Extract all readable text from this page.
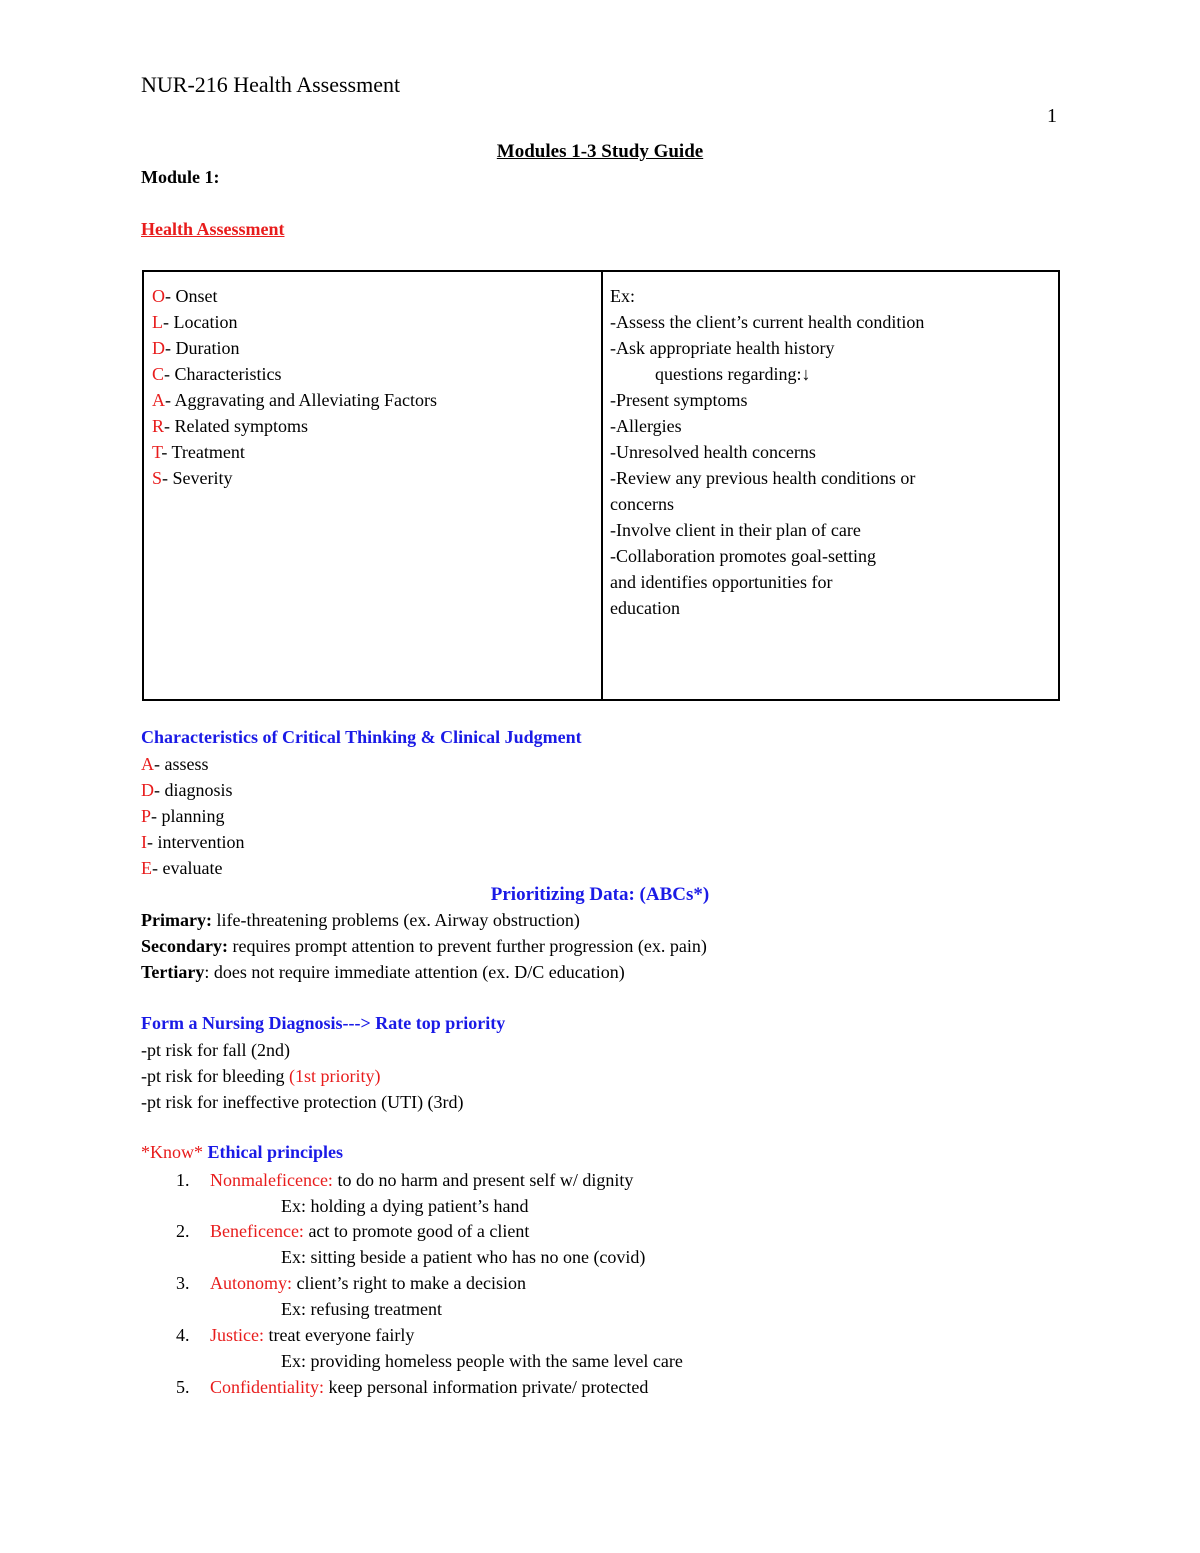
NUR-216 Health Assessment
1
Modules 1-3 Study Guide
Module 1:
Health Assessment
O- Onset
L- Location
D- Duration
C- Characteristics
A- Aggravating and Alleviating Factors
R- Related symptoms
T- Treatment
S- Severity
Ex:
-Assess the client’s current health condition
-Ask appropriate health history
questions regarding:↓
-Present symptoms
-Allergies
-Unresolved health concerns
-Review any previous health conditions or
concerns
-Involve client in their plan of care
-Collaboration promotes goal-setting
and identifies opportunities for
education
Characteristics of Critical Thinking & Clinical Judgment
A- assess
D- diagnosis
P- planning
I- intervention
E- evaluate
Prioritizing Data: (ABCs*)
Primary: life-threatening problems (ex. Airway obstruction)
Secondary: requires prompt attention to prevent further progression (ex. pain)
Tertiary: does not require immediate attention (ex. D/C education)
Form a Nursing Diagnosis---> Rate top priority
-pt risk for fall (2nd)
-pt risk for bleeding (1st priority)
-pt risk for ineffective protection (UTI) (3rd)
*Know* Ethical principles
1. Nonmaleficence: to do no harm and present self w/ dignity
Ex: holding a dying patient’s hand
2. Beneficence: act to promote good of a client
Ex: sitting beside a patient who has no one (covid)
3. Autonomy: client’s right to make a decision
Ex: refusing treatment
4. Justice: treat everyone fairly
Ex: providing homeless people with the same level care
5. Confidentiality: keep personal information private/ protected
